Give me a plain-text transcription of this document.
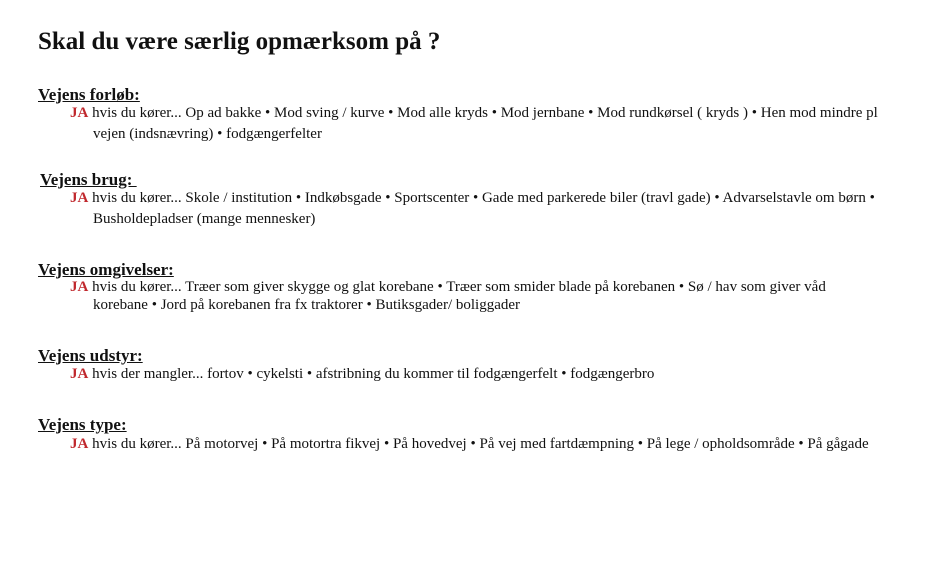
Skal du være særlig opmærksom på ?
Vejens forløb:

JA hvis du kører... Op ad bakke • Mod sving / kurve • Mod alle kryds • Mod jernbane • Mod rundkørsel ( kryds ) • Hen mod mindre pl

vejen (indsnævring) • fodgængerfelter

Vejens brug:

JA hvis du kører... Skole / institution • Indkøbsgade • Sportscenter • Gade med parkerede biler (travl gade) • Advarselstavle om børn •

Busholdepladser (mange mennesker)

Vejens omgivelser:

JA hvis du kører... Træer som giver skygge og glat korebane • Træer som smider blade på korebanen • Sø / hav som giver våd

korebane • Jord på korebanen fra fx traktorer • Butiksgader/ boliggader

Vejens udstyr:

JA hvis der mangler... fortov • cykelsti • afstribning du kommer til fodgængerfelt • fodgængerbro

Vejens type:

JA hvis du kører... På motorvej • På motortra fikvej • På hovedvej • På vej med fartdæmpning • På lege / opholdsområde • På gågade
